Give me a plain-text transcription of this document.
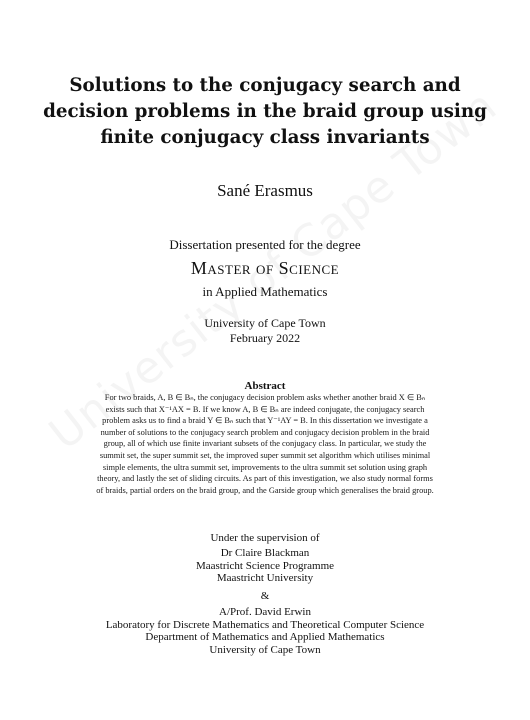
Solutions to the conjugacy search and
decision problems in the braid group using
finite conjugacy class invariants
Sané Erasmus
Dissertation presented for the degree
Master of Science
in Applied Mathematics
University of Cape Town
February 2022
Abstract
For two braids, A, B ∈ Bₙ, the conjugacy decision problem asks whether another braid X ∈ Bₙ
exists such that X⁻¹AX = B. If we know A, B ∈ Bₙ are indeed conjugate, the conjugacy search
problem asks us to find a braid Y ∈ Bₙ such that Y⁻¹AY = B. In this dissertation we investigate a
number of solutions to the conjugacy search problem and conjugacy decision problem in the braid
group, all of which use finite invariant subsets of the conjugacy class. In particular, we study the
summit set, the super summit set, the improved super summit set algorithm which utilises minimal
simple elements, the ultra summit set, improvements to the ultra summit set solution using graph
theory, and lastly the set of sliding circuits. As part of this investigation, we also study normal forms
of braids, partial orders on the braid group, and the Garside group which generalises the braid group.
Under the supervision of
Dr Claire Blackman
Maastricht Science Programme
Maastricht University
&
A/Prof. David Erwin
Laboratory for Discrete Mathematics and Theoretical Computer Science
Department of Mathematics and Applied Mathematics
University of Cape Town
